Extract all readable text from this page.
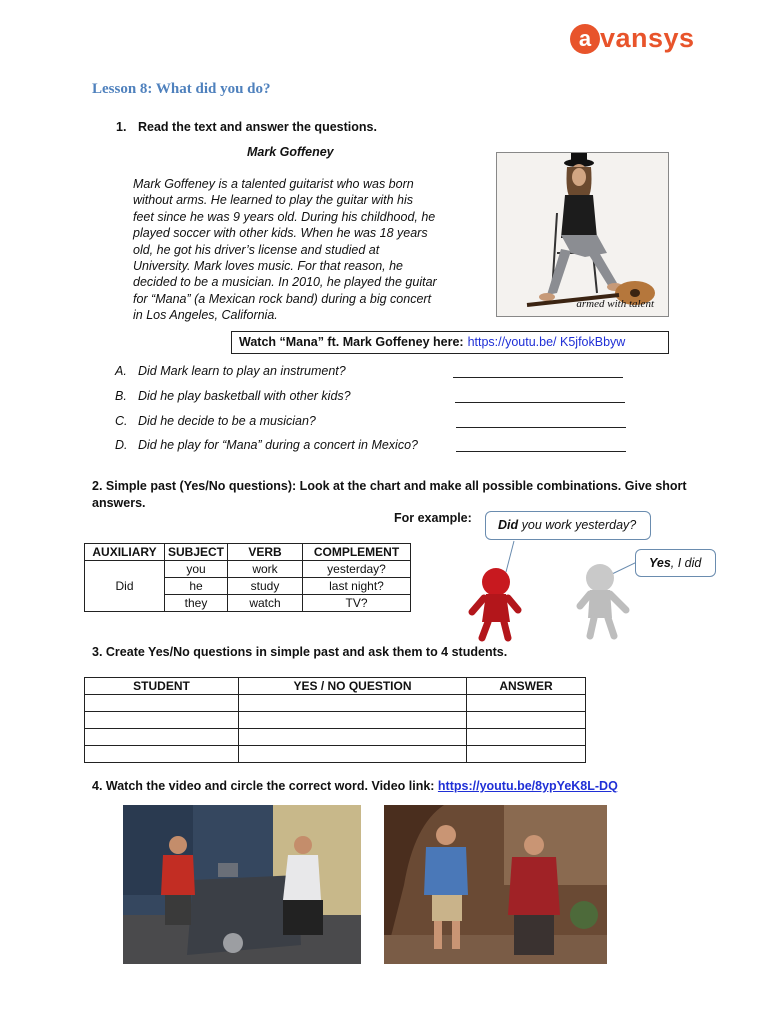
a vansys
Lesson 8: What did you do?
1. Read the text and answer the questions.
Mark Goffeney
Mark Goffeney is a talented guitarist who was born
without arms. He learned to play the guitar with his
feet since he was 9 years old. During his childhood, he
played soccer with other kids. When he was 18 years
old, he got his driver’s license and studied at
University. Mark loves music. For that reason, he
decided to be a musician. In 2010, he played the guitar
for “Mana” (a Mexican rock band) during a big concert
in Los Angeles, California.
armed with talent
Watch “Mana” ft. Mark Goffeney here: https://youtu.be/ K5jfokBbyw
A. Did Mark learn to play an instrument?
B. Did he play basketball with other kids?
C. Did he decide to be a musician?
D. Did he play for “Mana” during a concert in Mexico?
2. Simple past (Yes/No questions): Look at the chart and make all possible combinations. Give short
answers.
For example:
AUXILIARY	SUBJECT	VERB	COMPLEMENT
Did	you	work	yesterday?
	he	study	last night?
	they	watch	TV?
Did you work yesterday?
Yes, I did
3. Create Yes/No questions in simple past and ask them to 4 students.
STUDENT	YES / NO QUESTION	ANSWER

4. Watch the video and circle the correct word. Video link: https://youtu.be/8ypYeK8L-DQ
